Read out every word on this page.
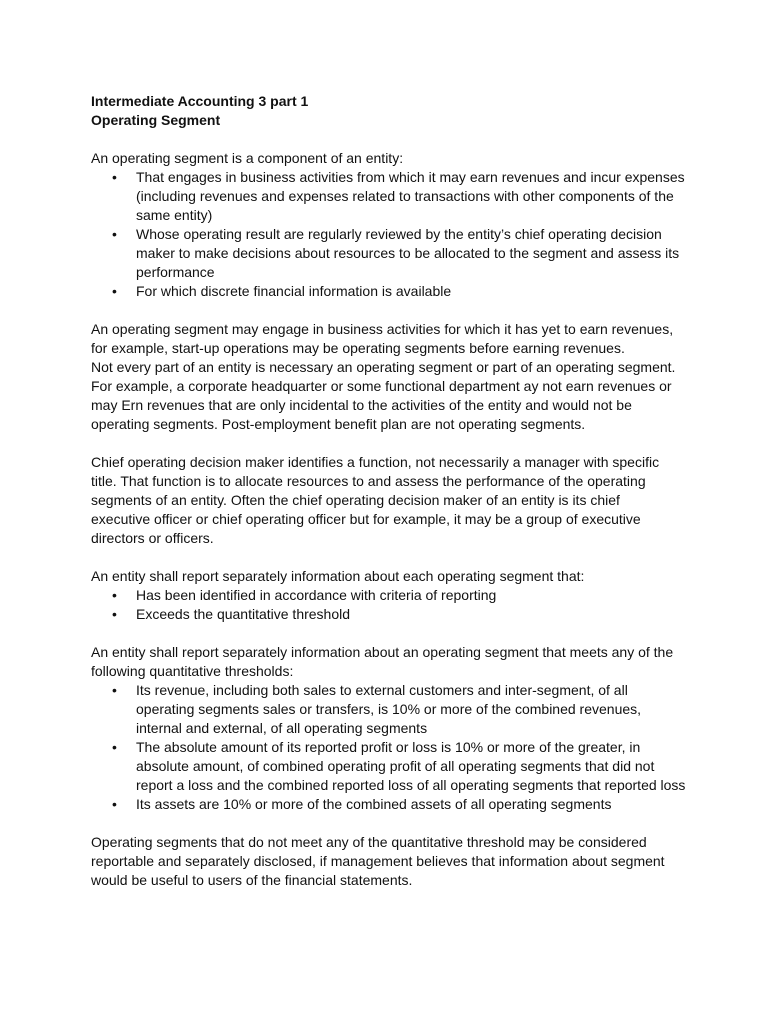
Intermediate Accounting 3 part 1
Operating Segment
An operating segment is a component of an entity:
• That engages in business activities from which it may earn revenues and incur expenses
(including revenues and expenses related to transactions with other components of the
same entity)
• Whose operating result are regularly reviewed by the entity’s chief operating decision
maker to make decisions about resources to be allocated to the segment and assess its
performance
• For which discrete financial information is available

An operating segment may engage in business activities for which it has yet to earn revenues,
for example, start-up operations may be operating segments before earning revenues.
Not every part of an entity is necessary an operating segment or part of an operating segment.
For example, a corporate headquarter or some functional department ay not earn revenues or
may Ern revenues that are only incidental to the activities of the entity and would not be
operating segments. Post-employment benefit plan are not operating segments.

Chief operating decision maker identifies a function, not necessarily a manager with specific
title. That function is to allocate resources to and assess the performance of the operating
segments of an entity. Often the chief operating decision maker of an entity is its chief
executive officer or chief operating officer but for example, it may be a group of executive
directors or officers.

An entity shall report separately information about each operating segment that:
• Has been identified in accordance with criteria of reporting
• Exceeds the quantitative threshold
An entity shall report separately information about an operating segment that meets any of the
following quantitative thresholds:
• Its revenue, including both sales to external customers and inter-segment, of all
operating segments sales or transfers, is 10% or more of the combined revenues,
internal and external, of all operating segments
• The absolute amount of its reported profit or loss is 10% or more of the greater, in
absolute amount, of combined operating profit of all operating segments that did not
report a loss and the combined reported loss of all operating segments that reported loss
• Its assets are 10% or more of the combined assets of all operating segments

Operating segments that do not meet any of the quantitative threshold may be considered
reportable and separately disclosed, if management believes that information about segment
would be useful to users of the financial statements.
